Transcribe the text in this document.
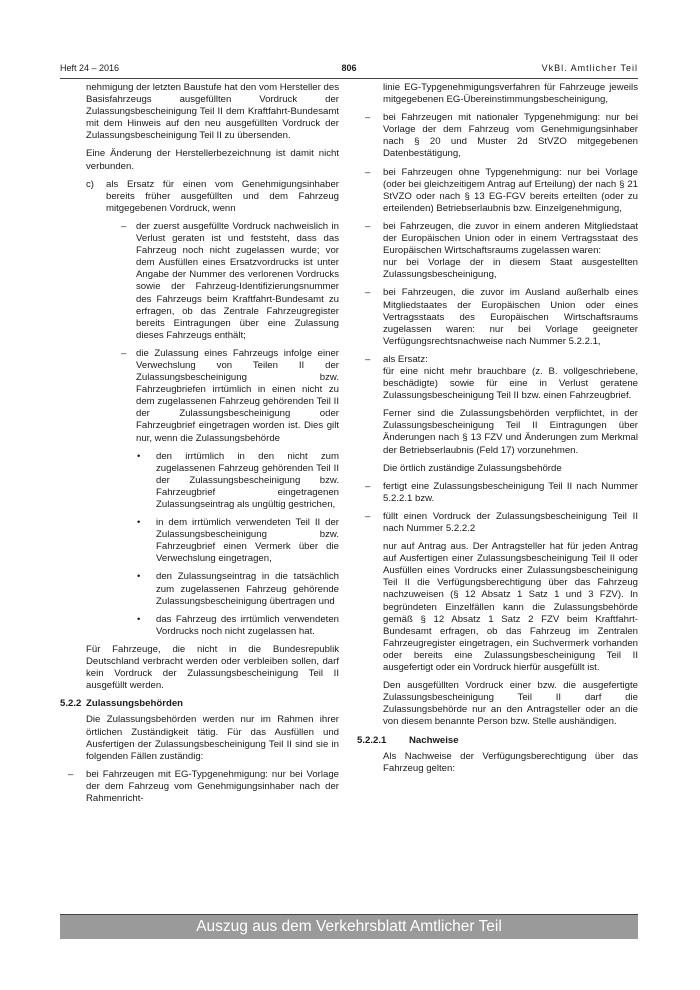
Heft 24 – 2016	806	VkBl. Amtlicher Teil

nehmigung der letzten Baustufe hat den vom Hersteller des Basisfahrzeugs ausgefüllten Vordruck der Zulassungsbescheinigung Teil II dem Kraftfahrt-Bundesamt mit dem Hinweis auf den neu ausgefüllten Vordruck der Zulassungsbescheinigung Teil II zu übersenden.

Eine Änderung der Herstellerbezeichnung ist damit nicht verbunden.

c) als Ersatz für einen vom Genehmigungsinhaber bereits früher ausgefüllten und dem Fahrzeug mitgegebenen Vordruck, wenn
– der zuerst ausgefüllte Vordruck nachweislich in Verlust geraten ist und feststeht, dass das Fahrzeug noch nicht zugelassen wurde; vor dem Ausfüllen eines Ersatzvordrucks ist unter Angabe der Nummer des verlorenen Vordrucks sowie der Fahrzeug-Identifizierungsnummer des Fahrzeugs beim Kraftfahrt-Bundesamt zu erfragen, ob das Zentrale Fahrzeugregister bereits Eintragungen über eine Zulassung dieses Fahrzeugs enthält;
– die Zulassung eines Fahrzeugs infolge einer Verwechslung von Teilen II der Zulassungsbescheinigung bzw. Fahrzeugbriefen irrtümlich in einen nicht zu dem zugelassenen Fahrzeug gehörenden Teil II der Zulassungsbescheinigung oder Fahrzeugbrief eingetragen worden ist. Dies gilt nur, wenn die Zulassungsbehörde
• den irrtümlich in den nicht zum zugelassenen Fahrzeug gehörenden Teil II der Zulassungsbescheinigung bzw. Fahrzeugbrief eingetragenen Zulassungseintrag als ungültig gestrichen,
• in dem irrtümlich verwendeten Teil II der Zulassungsbescheinigung bzw. Fahrzeugbrief einen Vermerk über die Verwechslung eingetragen,
• den Zulassungseintrag in die tatsächlich zum zugelassenen Fahrzeug gehörende Zulassungsbescheinigung übertragen und
• das Fahrzeug des irrtümlich verwendeten Vordrucks noch nicht zugelassen hat.

Für Fahrzeuge, die nicht in die Bundesrepublik Deutschland verbracht werden oder verbleiben sollen, darf kein Vordruck der Zulassungsbescheinigung Teil II ausgefüllt werden.

5.2.2 Zulassungsbehörden

Die Zulassungsbehörden werden nur im Rahmen ihrer örtlichen Zuständigkeit tätig. Für das Ausfüllen und Ausfertigen der Zulassungsbescheinigung Teil II sind sie in folgenden Fällen zuständig:

– bei Fahrzeugen mit EG-Typgenehmigung: nur bei Vorlage der dem Fahrzeug vom Genehmigungsinhaber nach der Rahmenricht-

linie EG-Typgenehmigungsverfahren für Fahrzeuge jeweils mitgegebenen EG-Übereinstimmungsbescheinigung,

– bei Fahrzeugen mit nationaler Typgenehmigung: nur bei Vorlage der dem Fahrzeug vom Genehmigungsinhaber nach § 20 und Muster 2d StVZO mitgegebenen Datenbestätigung,
– bei Fahrzeugen ohne Typgenehmigung: nur bei Vorlage (oder bei gleichzeitigem Antrag auf Erteilung) der nach § 21 StVZO oder nach § 13 EG-FGV bereits erteilten (oder zu erteilenden) Betriebserlaubnis bzw. Einzelgenehmigung,
– bei Fahrzeugen, die zuvor in einem anderen Mitgliedstaat der Europäischen Union oder in einem Vertragsstaat des Europäischen Wirtschaftsraums zugelassen waren:
nur bei Vorlage der in diesem Staat ausgestellten Zulassungsbescheinigung,
– bei Fahrzeugen, die zuvor im Ausland außerhalb eines Mitgliedstaates der Europäischen Union oder eines Vertragsstaats des Europäischen Wirtschaftsraums zugelassen waren: nur bei Vorlage geeigneter Verfügungsrechtsnachweise nach Nummer 5.2.2.1,
– als Ersatz:
für eine nicht mehr brauchbare (z. B. vollgeschriebene, beschädigte) sowie für eine in Verlust geratene Zulassungsbescheinigung Teil II bzw. einen Fahrzeugbrief.

Ferner sind die Zulassungsbehörden verpflichtet, in der Zulassungsbescheinigung Teil II Eintragungen über Änderungen nach § 13 FZV und Änderungen zum Merkmal der Betriebserlaubnis (Feld 17) vorzunehmen.

Die örtlich zuständige Zulassungsbehörde

– fertigt eine Zulassungsbescheinigung Teil II nach Nummer 5.2.2.1 bzw.
– füllt einen Vordruck der Zulassungsbescheinigung Teil II nach Nummer 5.2.2.2

nur auf Antrag aus. Der Antragsteller hat für jeden Antrag auf Ausfertigen einer Zulassungsbescheinigung Teil II oder Ausfüllen eines Vordrucks einer Zulassungsbescheinigung Teil II die Verfügungsberechtigung über das Fahrzeug nachzuweisen (§ 12 Absatz 1 Satz 1 und 3 FZV). In begründeten Einzelfällen kann die Zulassungsbehörde gemäß § 12 Absatz 1 Satz 2 FZV beim Kraftfahrt-Bundesamt erfragen, ob das Fahrzeug im Zentralen Fahrzeugregister eingetragen, ein Suchvermerk vorhanden oder bereits eine Zulassungsbescheinigung Teil II ausgefertigt oder ein Vordruck hierfür ausgefüllt ist.

Den ausgefüllten Vordruck einer bzw. die ausgefertigte Zulassungsbescheinigung Teil II darf die Zulassungsbehörde nur an den Antragsteller oder an die von diesem benannte Person bzw. Stelle aushändigen.

5.2.2.1 Nachweise

Als Nachweise der Verfügungsberechtigung über das Fahrzeug gelten:

Auszug aus dem Verkehrsblatt Amtlicher Teil
